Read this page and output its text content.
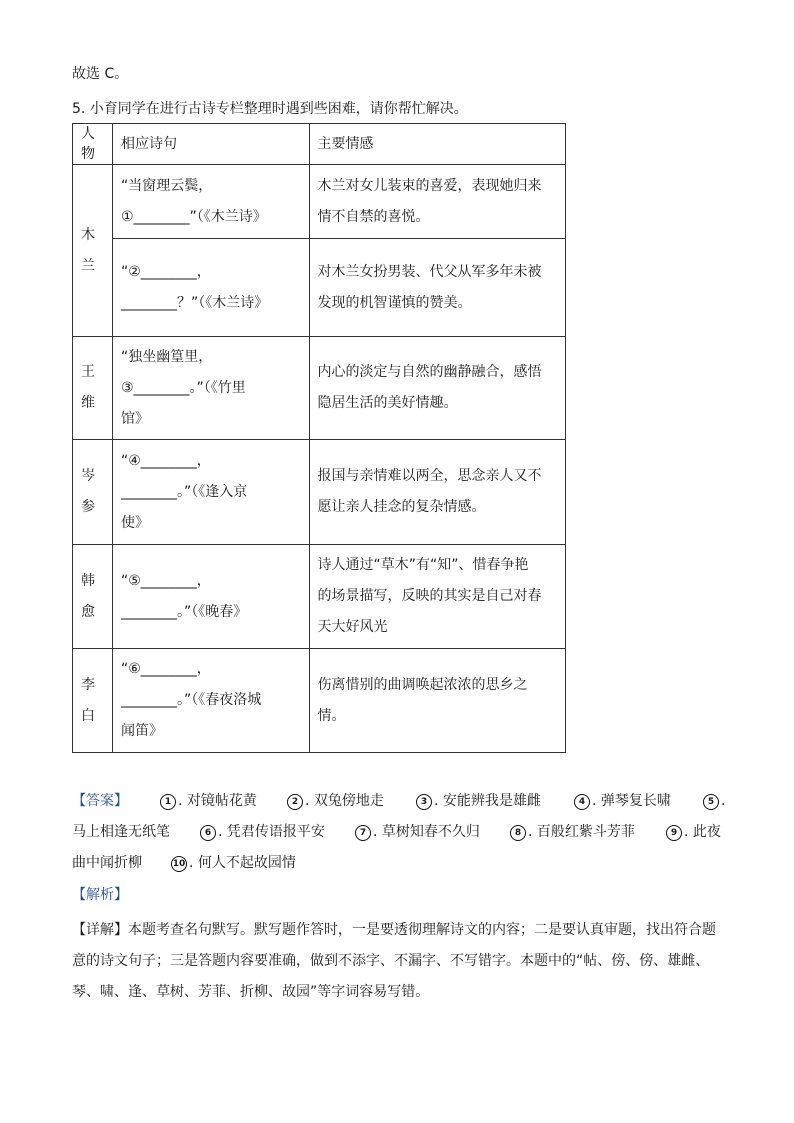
故选 C。
5. 小育同学在进行古诗专栏整理时遇到些困难，请你帮忙解决。
人物	相应诗句	主要情感
木兰	“当窗理云鬓，
①________”（《木兰诗》	木兰对女儿装束的喜爱，表现她归来
情不自禁的喜悦。

	“②________，
________？”（《木兰诗》	对木兰女扮男装、代父从军多年未被
发现的机智谨慎的赞美。

王维	“独坐幽篁里，
③________。”（《竹里
馆》	内心的淡定与自然的幽静融合，感悟
隐居生活的美好情趣。

岑参	“④________，
________。”（《逢入京
使》	报国与亲情难以两全，思念亲人又不
愿让亲人挂念的复杂情感。

韩愈	“⑤________，
________。”（《晚春》	诗人通过“草木”有“知”、惜春争艳
的场景描写，反映的其实是自己对春
天大好风光

李白	“⑥________，
________。”（《春夜洛城
闻笛》	伤离惜别的曲调唤起浓浓的思乡之
情。
【答案】	1 . 对镜帖花黄	2 . 双兔傍地走	3 . 安能辨我是雄雌	4 . 弹琴复长啸	5 .
马上相逢无纸笔	6 . 凭君传语报平安	7 . 草树知春不久归	8 . 百般红紫斗芳菲	9 . 此夜
曲中闻折柳	10 . 何人不起故园情
【解析】

【详解】本题考查名句默写。默写题作答时，一是要透彻理解诗文的内容；二是要认真审题，找出符合题

意的诗文句子；三是答题内容要准确，做到不添字、不漏字、不写错字。本题中的“帖、傍、傍、雄雌、

琴、啸、逢、草树、芳菲、折柳、故园”等字词容易写错。
